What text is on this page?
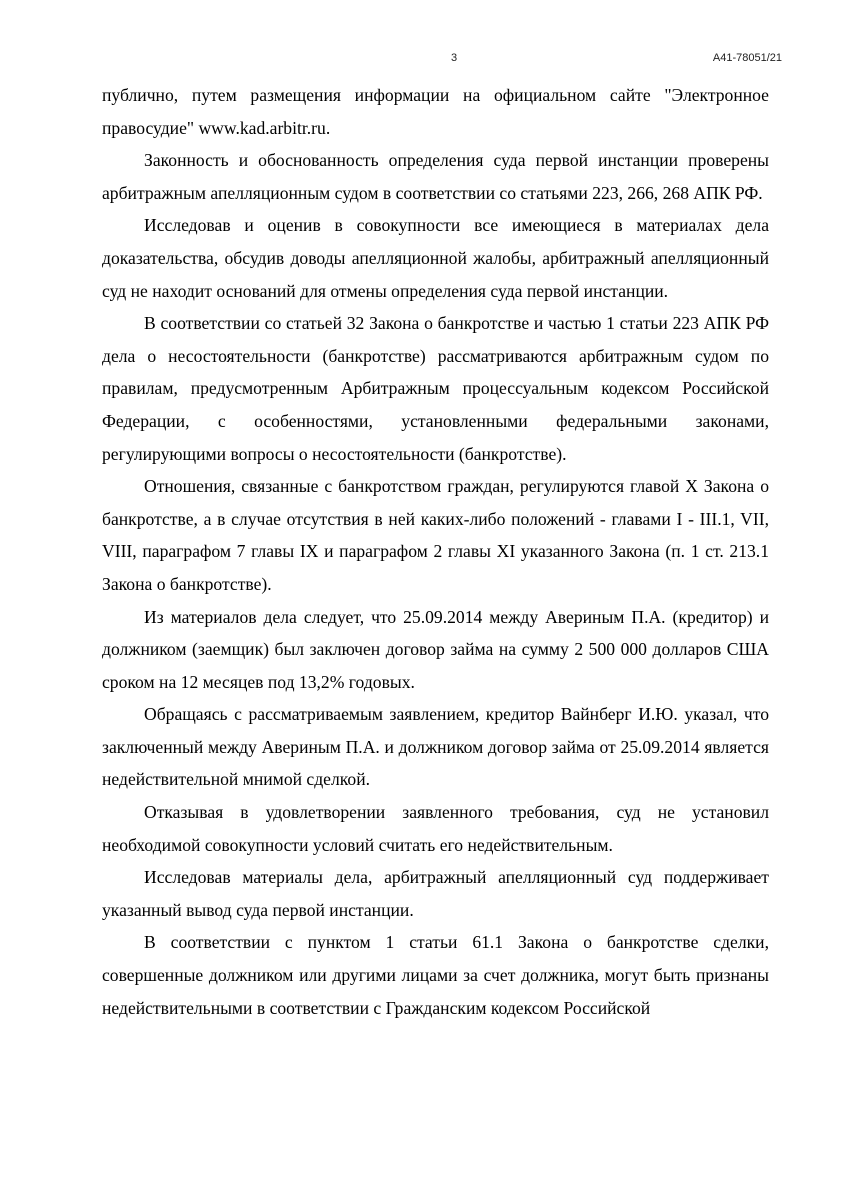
3	А41-78051/21

публично, путем размещения информации на официальном сайте "Электронное правосудие" www.kad.arbitr.ru.

Законность и обоснованность определения суда первой инстанции проверены арбитражным апелляционным судом в соответствии со статьями 223, 266, 268 АПК РФ.

Исследовав и оценив в совокупности все имеющиеся в материалах дела доказательства, обсудив доводы апелляционной жалобы, арбитражный апелляционный суд не находит оснований для отмены определения суда первой инстанции.

В соответствии со статьей 32 Закона о банкротстве и частью 1 статьи 223 АПК РФ дела о несостоятельности (банкротстве) рассматриваются арбитражным судом по правилам, предусмотренным Арбитражным процессуальным кодексом Российской Федерации, с особенностями, установленными федеральными законами, регулирующими вопросы о несостоятельности (банкротстве).

Отношения, связанные с банкротством граждан, регулируются главой X Закона о банкротстве, а в случае отсутствия в ней каких-либо положений - главами I - III.1, VII, VIII, параграфом 7 главы IX и параграфом 2 главы XI указанного Закона (п. 1 ст. 213.1 Закона о банкротстве).

Из материалов дела следует, что 25.09.2014 между Авериным П.А. (кредитор) и должником (заемщик) был заключен договор займа на сумму 2 500 000 долларов США сроком на 12 месяцев под 13,2% годовых.

Обращаясь с рассматриваемым заявлением, кредитор Вайнберг И.Ю. указал, что заключенный между Авериным П.А. и должником договор займа от 25.09.2014 является недействительной мнимой сделкой.

Отказывая в удовлетворении заявленного требования, суд не установил необходимой совокупности условий считать его недействительным.

Исследовав материалы дела, арбитражный апелляционный суд поддерживает указанный вывод суда первой инстанции.

В соответствии с пунктом 1 статьи 61.1 Закона о банкротстве сделки, совершенные должником или другими лицами за счет должника, могут быть признаны недействительными в соответствии с Гражданским кодексом Российской
